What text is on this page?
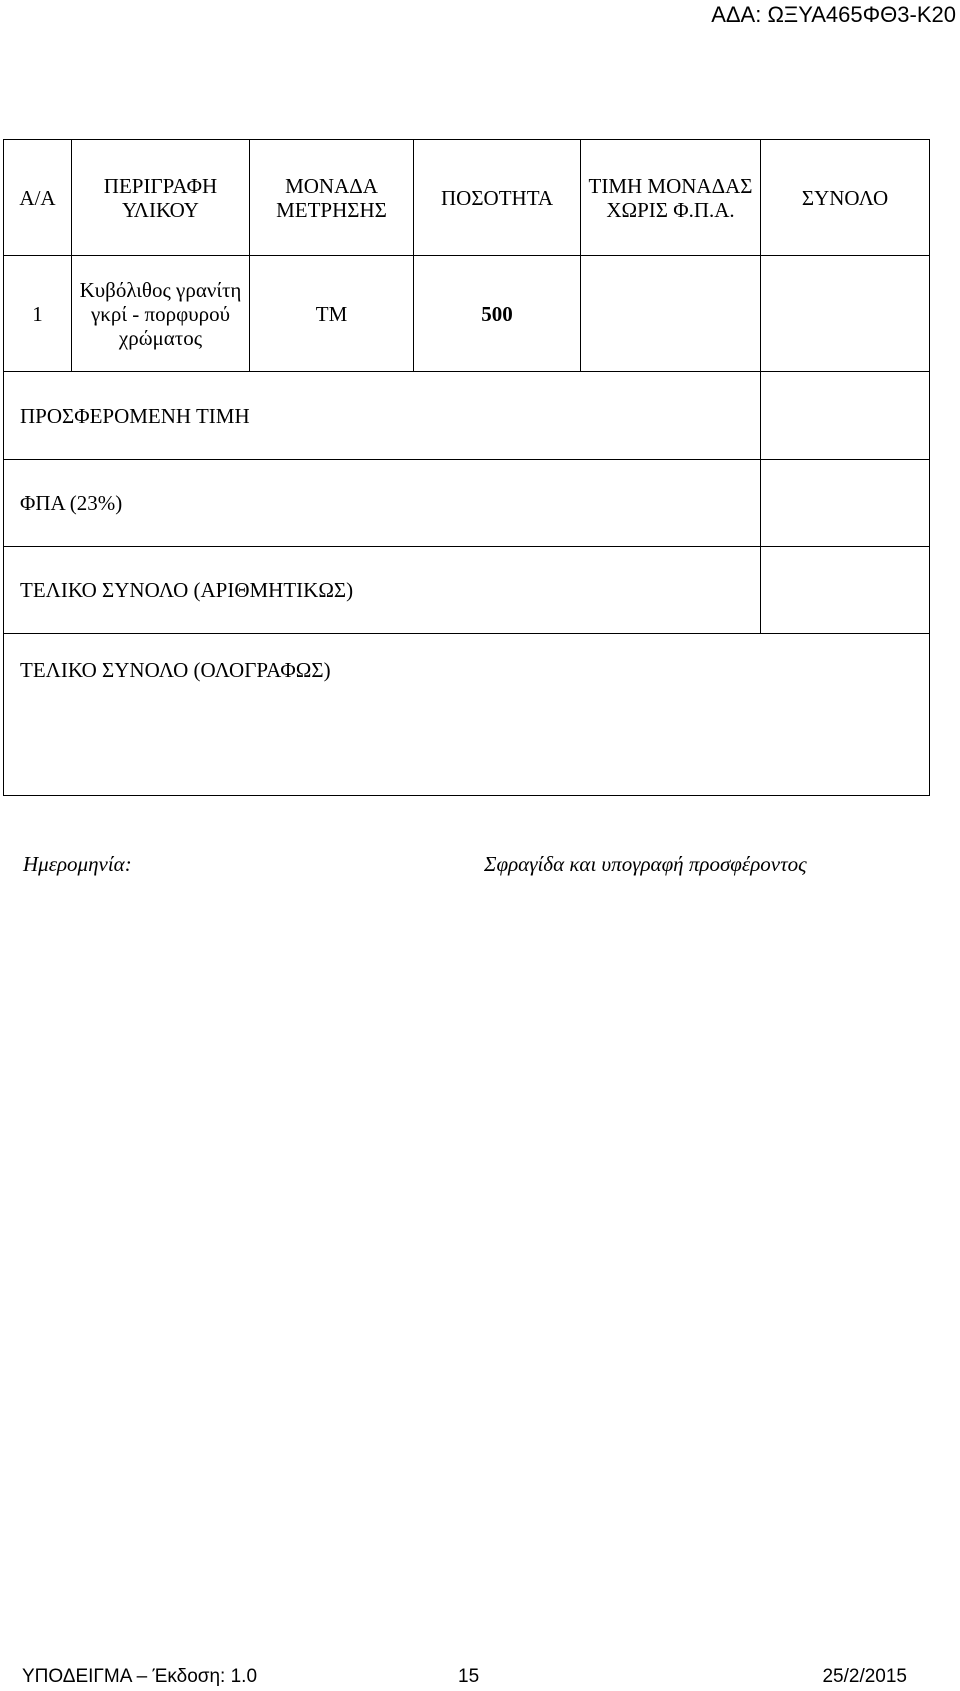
ΑΔΑ: ΩΞΥΑ465ΦΘ3-Κ20
Α/Α	ΠΕΡΙΓΡΑΦΗ ΥΛΙΚΟΥ	ΜΟΝΑΔΑ ΜΕΤΡΗΣΗΣ	ΠΟΣΟΤΗΤΑ	ΤΙΜΗ ΜΟΝΑΔΑΣ ΧΩΡΙΣ Φ.Π.Α.	ΣΥΝΟΛΟ
1	Κυβόλιθος γρανίτη γκρί - πορφυρού χρώματος	ΤΜ	500		
ΠΡΟΣΦΕΡΟΜΕΝΗ ΤΙΜΗ					
ΦΠΑ (23%)					
ΤΕΛΙΚΟ ΣΥΝΟΛΟ (ΑΡΙΘΜΗΤΙΚΩΣ)					
ΤΕΛΙΚΟ ΣΥΝΟΛΟ (ΟΛΟΓΡΑΦΩΣ)					
Ημερομηνία:	Σφραγίδα και υπογραφή προσφέροντος
ΥΠΟΔΕΙΓΜΑ – Έκδοση: 1.0	15	25/2/2015
